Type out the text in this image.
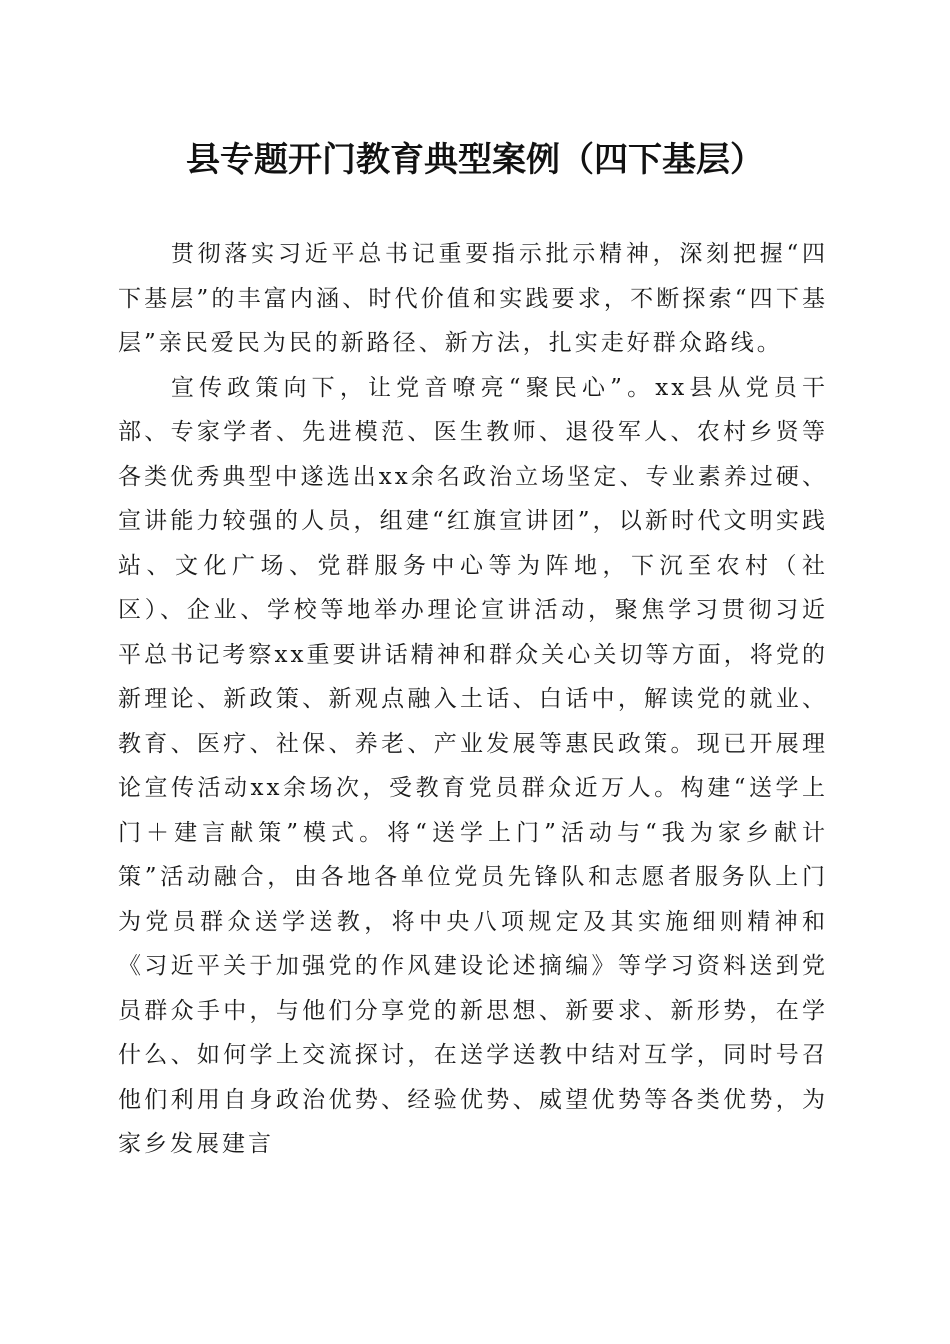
县专题开门教育典型案例（四下基层）

贯彻落实习近平总书记重要指示批示精神，深刻把握“四下基层”的丰富内涵、时代价值和实践要求，不断探索“四下基层”亲民爱民为民的新路径、新方法，扎实走好群众路线。

宣传政策向下，让党音嘹亮“聚民心”。xx县从党员干部、专家学者、先进模范、医生教师、退役军人、农村乡贤等各类优秀典型中遂选出xx余名政治立场坚定、专业素养过硬、宣讲能力较强的人员，组建“红旗宣讲团”，以新时代文明实践站、文化广场、党群服务中心等为阵地，下沉至农村（社区）、企业、学校等地举办理论宣讲活动，聚焦学习贯彻习近平总书记考察xx重要讲话精神和群众关心关切等方面，将党的新理论、新政策、新观点融入土话、白话中，解读党的就业、教育、医疗、社保、养老、产业发展等惠民政策。现已开展理论宣传活动xx余场次，受教育党员群众近万人。构建“送学上门＋建言献策”模式。将“送学上门”活动与“我为家乡献计策”活动融合，由各地各单位党员先锋队和志愿者服务队上门为党员群众送学送教，将中央八项规定及其实施细则精神和《习近平关于加强党的作风建设论述摘编》等学习资料送到党员群众手中，与他们分享党的新思想、新要求、新形势，在学什么、如何学上交流探讨，在送学送教中结对互学，同时号召他们利用自身政治优势、经验优势、威望优势等各类优势，为家乡发展建言
